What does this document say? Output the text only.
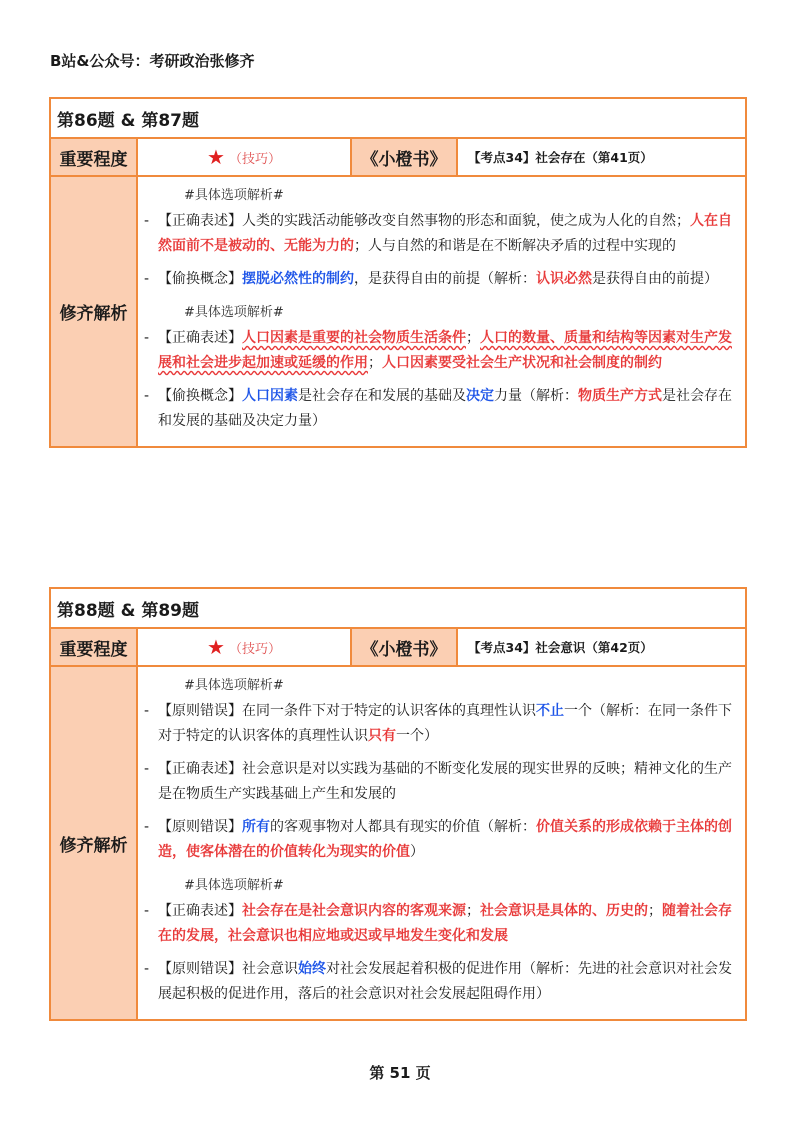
B站&公众号：考研政治张修齐
第86题 & 第87题
重要程度	★ （技巧）	《小橙书》	【考点34】社会存在（第41页）
修齐解析
#具体选项解析#
- 【正确表述】人类的实践活动能够改变自然事物的形态和面貌，使之成为人化的自然；人在自然面前不是被动的、无能为力的；人与自然的和谐是在不断解决矛盾的过程中实现的
- 【偷换概念】摆脱必然性的制约，是获得自由的前提（解析：认识必然是获得自由的前提）
#具体选项解析#
- 【正确表述】人口因素是重要的社会物质生活条件；人口的数量、质量和结构等因素对生产发展和社会进步起加速或延缓的作用；人口因素要受社会生产状况和社会制度的制约
- 【偷换概念】人口因素是社会存在和发展的基础及决定力量（解析：物质生产方式是社会存在和发展的基础及决定力量）
第88题 & 第89题
重要程度	★ （技巧）	《小橙书》	【考点34】社会意识（第42页）
修齐解析
#具体选项解析#
- 【原则错误】在同一条件下对于特定的认识客体的真理性认识不止一个（解析：在同一条件下对于特定的认识客体的真理性认识只有一个）
- 【正确表述】社会意识是对以实践为基础的不断变化发展的现实世界的反映；精神文化的生产是在物质生产实践基础上产生和发展的
- 【原则错误】所有的客观事物对人都具有现实的价值（解析：价值关系的形成依赖于主体的创造，使客体潜在的价值转化为现实的价值）
#具体选项解析#
- 【正确表述】社会存在是社会意识内容的客观来源；社会意识是具体的、历史的；随着社会存在的发展，社会意识也相应地或迟或早地发生变化和发展
- 【原则错误】社会意识始终对社会发展起着积极的促进作用（解析：先进的社会意识对社会发展起积极的促进作用，落后的社会意识对社会发展起阻碍作用）
第 51 页
